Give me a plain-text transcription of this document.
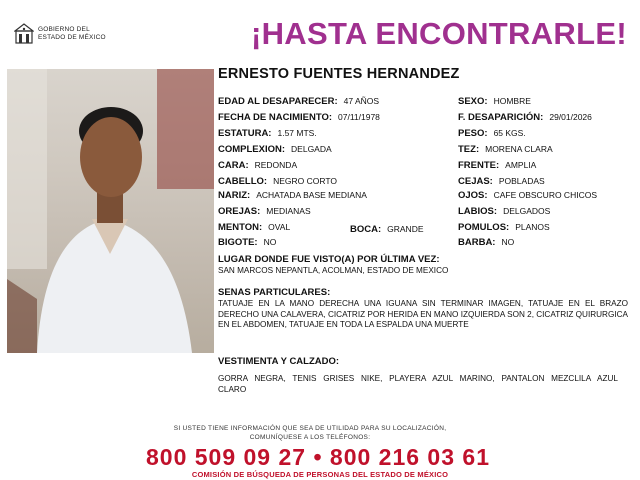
GOBIERNO DEL
ESTADO DE MÉXICO	¡HASTA ENCONTRARLE!
ERNESTO FUENTES HERNANDEZ
EDAD AL DESAPARECER: 47 AÑOS
FECHA DE NACIMIENTO: 07/11/1978
ESTATURA: 1.57 MTS.
COMPLEXION: DELGADA
CARA: REDONDA
CABELLO: NEGRO CORTO
NARIZ: ACHATADA BASE MEDIANA
OREJAS: MEDIANAS
MENTON: OVAL	BOCA: GRANDE
BIGOTE: NO
SEXO: HOMBRE
F. DESAPARICIÓN: 29/01/2026
PESO: 65 KGS.
TEZ: MORENA CLARA
FRENTE: AMPLIA
CEJAS: POBLADAS
OJOS: CAFE OBSCURO CHICOS
LABIOS: DELGADOS
POMULOS: PLANOS
BARBA: NO
LUGAR DONDE FUE VISTO(A) POR ÚLTIMA VEZ:
SAN MARCOS NEPANTLA, ACOLMAN, ESTADO DE MEXICO
SENAS PARTICULARES:
TATUAJE EN LA MANO DERECHA UNA IGUANA SIN TERMINAR IMAGEN, TATUAJE EN EL BRAZO DERECHO UNA CALAVERA, CICATRIZ POR HERIDA EN MANO IZQUIERDA SON 2, CICATRIZ QUIRURGICA EN EL ABDOMEN, TATUAJE EN TODA LA ESPALDA UNA MUERTE
VESTIMENTA Y CALZADO:
GORRA NEGRA, TENIS GRISES NIKE, PLAYERA AZUL MARINO, PANTALON MEZCLILA AZUL CLARO
SI USTED TIENE INFORMACIÓN QUE SEA DE UTILIDAD PARA SU LOCALIZACIÓN,
COMUNÍQUESE A LOS TELÉFONOS:
800 509 09 27 • 800 216 03 61
COMISIÓN DE BÚSQUEDA DE PERSONAS DEL ESTADO DE MÉXICO
